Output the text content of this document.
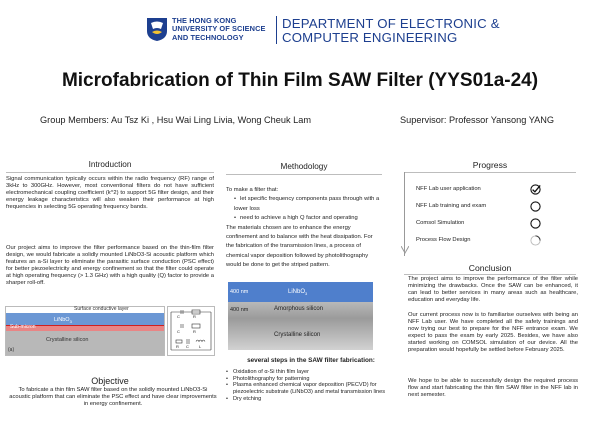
THE HONG KONG
UNIVERSITY OF SCIENCE
AND TECHNOLOGY
DEPARTMENT OF ELECTRONIC &
COMPUTER ENGINEERING
Microfabrication of Thin Film SAW Filter (YYS01a-24)
Group Members: Au Tsz Ki , Hsu Wai Ling Livia, Wong Cheuk Lam	Supervisor: Professor Yansong YANG
Introduction
Signal communication typically occurs within the radio frequency (RF) range of 3kHz to 300GHz. However, most conventional filters do not have sufficient electromechanical coupling coefficient (k^2) to support 5G filter design, and their energy leakage characteristics will also weaken their performance at high frequencies in selecting 5G operating frequency bands.
Our project aims to improve the filter performance based on the thin-film filter design, we would fabricate a solidly mounted LiNbO3-Si acoustic platform which features an a-Si layer to eliminate the parasitic surface conduction (PSC effect) for better piezoelectricity and energy confinement so that the filter could operate at high operating frequency (> 1.3 GHz) with a high quality (Q) factor to provide a sharper roll-off.
Surface conductive layer
LiNbO$_3$
Sub-micron
Crystalline silicon
(a)
C	R
C	R
R C	L
Objective
To fabricate a thin film SAW filter based on the solidly mounted LiNbO3-Si acoustic platform that can eliminate the PSC effect and have clear improvements in energy confinement.
Methodology
To make a filter that:
• let specific frequency components pass through with a lower loss
• need to achieve a high Q factor and operating
The materials chosen are to enhance the energy confinement and to balance with the heat dissipation. For the fabrication of the transmission lines, a process of chemical vapor deposition followed by photolithography would be done to get the striped pattern.
400 nm	LiNbO$_3$
400 nm	Amorphous silicon
Crystalline silicon
several steps in the SAW filter fabrication:
• Oxidation of α-Si thin film layer
• Photolithography for patterning
• Plasma enhanced chemical vapor deposition (PECVD) for piezoelectric substrate (LiNbO3) and metal transmission lines
• Dry etching
Progress
NFF Lab user application
NFF Lab training and exam
Comsol Simulation
Process Flow Design
Conclusion
The project aims to improve the performance of the filter while minimizing the drawbacks. Once the SAW can be enhanced, it can lead to better services in many areas such as healthcare, education and everyday life.
Our current process now is to familiarise ourselves with being an NFF Lab user. We have completed all the safety trainings and now trying our best to prepare for the NFF entrance exam. We expect to pass the exam by early 2025. Besides, we have also started working on COMSOL simulation of our device. All the preparation would hopefully be settled before February 2025.
We hope to be able to successfully design the required process flow and start fabricating the thin film SAW filter in the NFF lab in next semester.
